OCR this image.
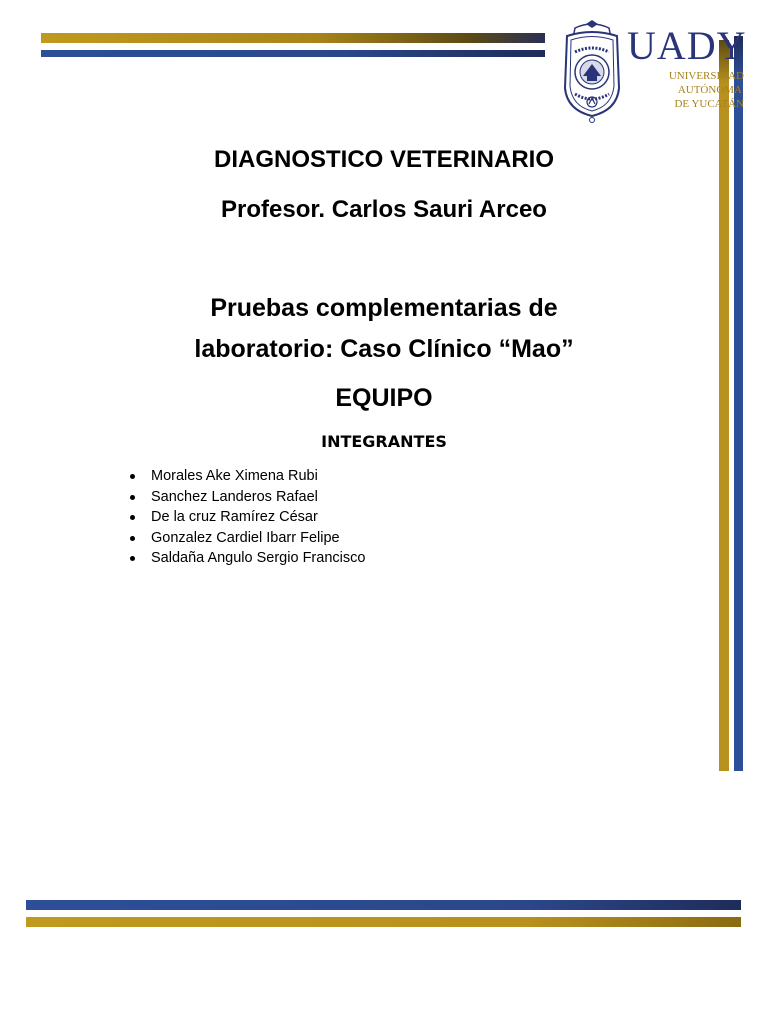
UADY
UNIVERSIDAD
AUTÓNOMA
DE YUCATÁN
DIAGNOSTICO VETERINARIO
Profesor. Carlos Sauri Arceo
Pruebas complementarias de
laboratorio: Caso Clínico “Mao”
EQUIPO
INTEGRANTES
Morales Ake Ximena Rubi
Sanchez Landeros Rafael
De la cruz Ramírez César
Gonzalez Cardiel Ibarr Felipe
Saldaña Angulo Sergio Francisco
